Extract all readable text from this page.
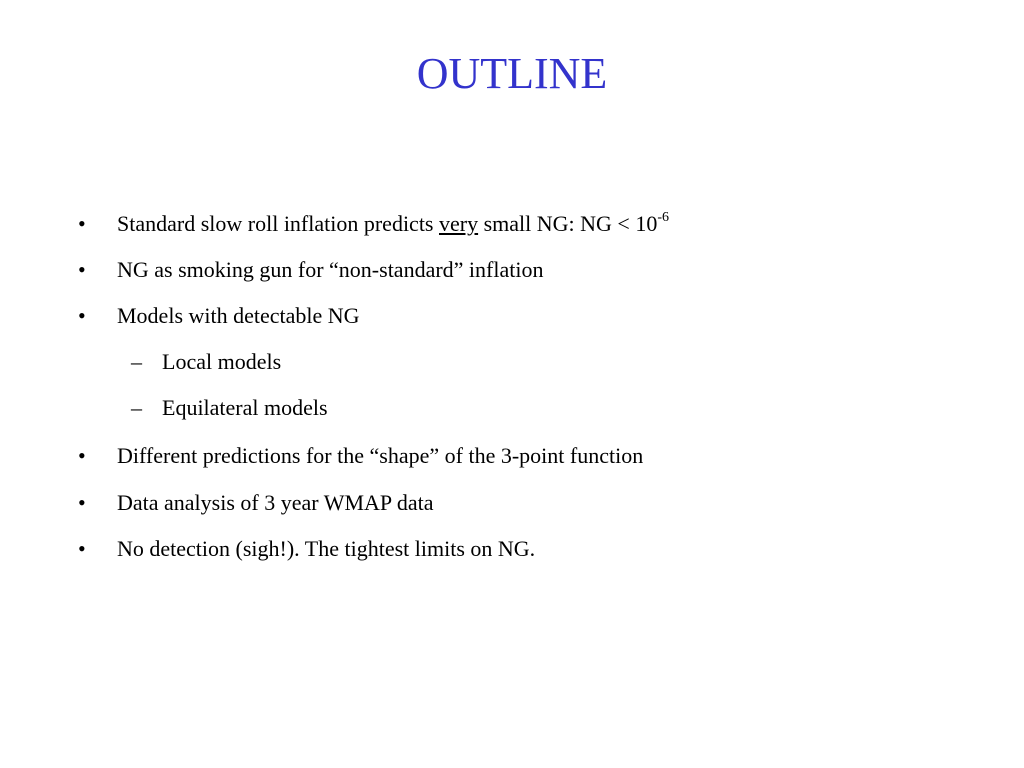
OUTLINE
• Standard slow roll inflation predicts very small NG: NG < $10^{-6}$
• NG as smoking gun for “non-standard” inflation
• Models with detectable NG
– Local models
– Equilateral models
• Different predictions for the “shape” of the 3-point function
• Data analysis of 3 year WMAP data
• No detection (sigh!). The tightest limits on NG.
